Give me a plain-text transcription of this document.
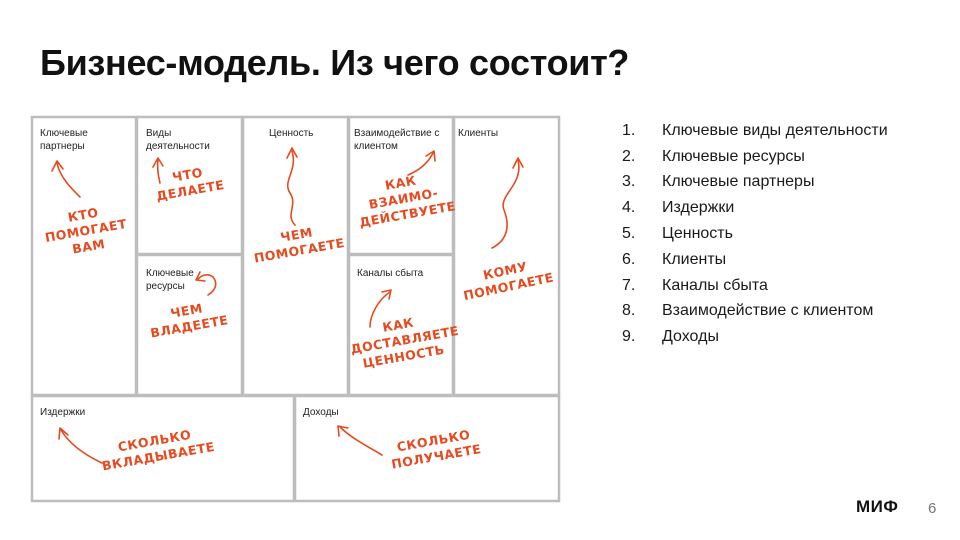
Бизнес-модель. Из чего состоит?
Ключевые партнеры
Виды деятельности
Ценность	Взаимодействие с клиентом
Клиенты
Ключевые ресурсы
Каналы сбыта
Издержки	Доходы
КТО ПОМОГАЕТ ВАМ
ЧТО ДЕЛАЕТЕ
ЧЕМ ПОМОГАЕТЕ
КАК ВЗАИМО-ДЕЙСТВУЕТЕ
КОМУ ПОМОГАЕТЕ
ЧЕМ ВЛАДЕЕТЕ	КАК ДОСТАВЛЯЕТЕ ЦЕННОСТЬ
СКОЛЬКО ВКЛАДЫВАЕТЕ	СКОЛЬКО ПОЛУЧАЕТЕ
1.	Ключевые виды деятельности
2.	Ключевые ресурсы
3.	Ключевые партнеры
4.	Издержки
5.	Ценность
6.	Клиенты
7.	Каналы сбыта
8.	Взаимодействие с клиентом
9.	Доходы
МИФ 6
